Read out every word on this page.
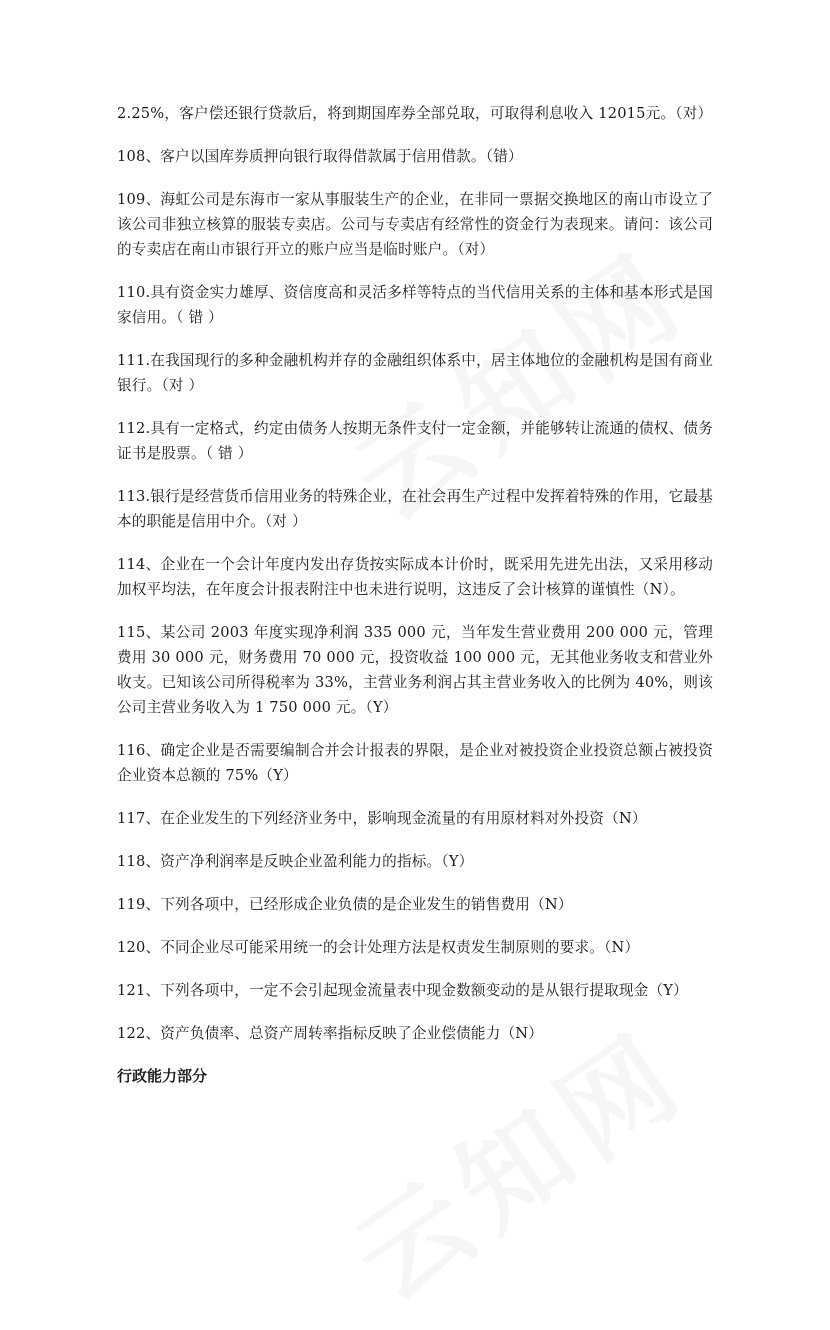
2.25%，客户偿还银行贷款后，将到期国库券全部兑取，可取得利息收入 12015元。（对）

108、客户以国库券质押向银行取得借款属于信用借款。（错）

109、海虹公司是东海市一家从事服装生产的企业，在非同一票据交换地区的南山市设立了该公司非独立核算的服装专卖店。公司与专卖店有经常性的资金行为表现来。请问：该公司的专卖店在南山市银行开立的账户应当是临时账户。（对）

110.具有资金实力雄厚、资信度高和灵活多样等特点的当代信用关系的主体和基本形式是国家信用。（ 错 ）

111.在我国现行的多种金融机构并存的金融组织体系中，居主体地位的金融机构是国有商业银行。（对 ）

112.具有一定格式，约定由债务人按期无条件支付一定金额，并能够转让流通的债权、债务证书是股票。（ 错 ）

113.银行是经营货币信用业务的特殊企业，在社会再生产过程中发挥着特殊的作用，它最基本的职能是信用中介。（对 ）

114、企业在一个会计年度内发出存货按实际成本计价时，既采用先进先出法，又采用移动加权平均法，在年度会计报表附注中也未进行说明，这违反了会计核算的谨慎性（N）。

115、某公司 2003 年度实现净利润 335 000 元，当年发生营业费用 200 000 元，管理费用 30 000 元，财务费用 70 000 元，投资收益 100 000 元，无其他业务收支和营业外收支。已知该公司所得税率为 33%，主营业务利润占其主营业务收入的比例为 40%，则该公司主营业务收入为 1 750 000 元。（Y）

116、确定企业是否需要编制合并会计报表的界限，是企业对被投资企业投资总额占被投资企业资本总额的 75%（Y）

117、在企业发生的下列经济业务中，影响现金流量的有用原材料对外投资（N）

118、资产净利润率是反映企业盈利能力的指标。（Y）

119、下列各项中，已经形成企业负债的是企业发生的销售费用（N）

120、不同企业尽可能采用统一的会计处理方法是权责发生制原则的要求。（N）

121、下列各项中，一定不会引起现金流量表中现金数额变动的是从银行提取现金（Y）

122、资产负债率、总资产周转率指标反映了企业偿债能力（N）

行政能力部分
